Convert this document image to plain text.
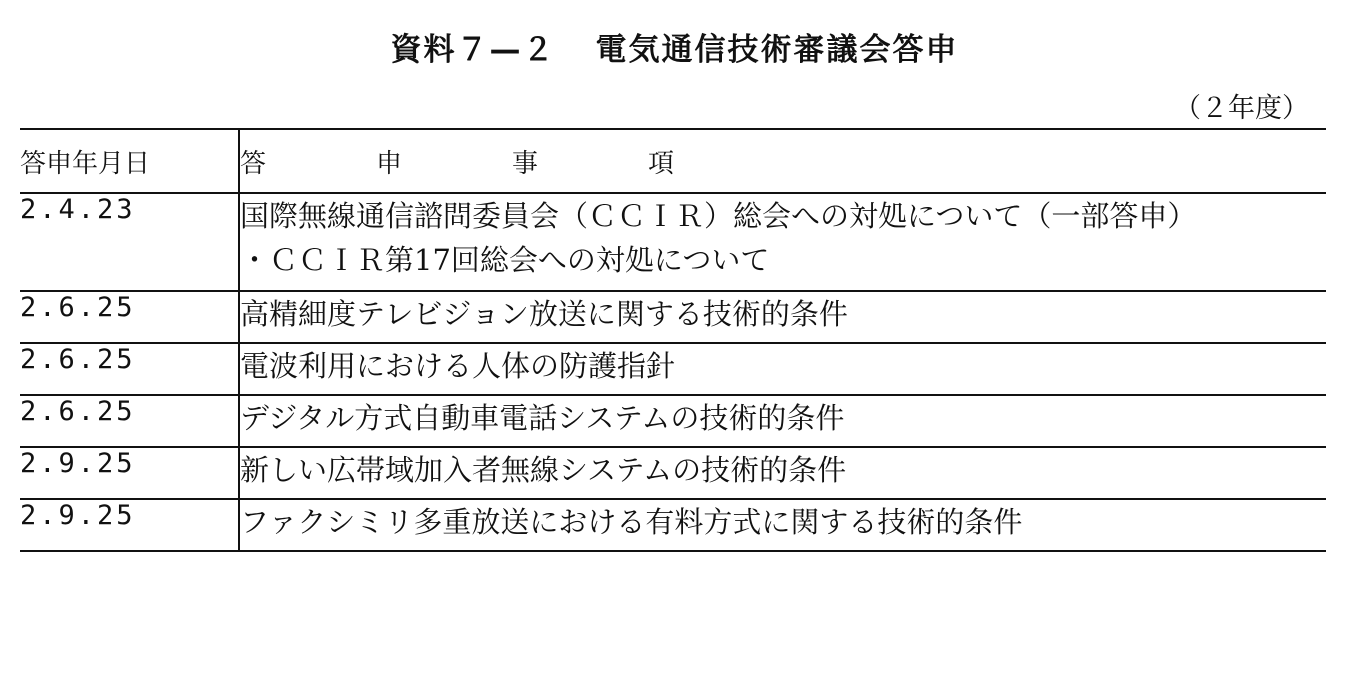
資料７—２ 電気通信技術審議会答申
（２年度）
答申年月日	答申事項
2.4.23	国際無線通信諮問委員会（ＣＣＩＲ）総会への対処について（一部答申）
・ＣＣＩＲ第17回総会への対処について

2.6.25	高精細度テレビジョン放送に関する技術的条件

2.6.25	電波利用における人体の防護指針

2.6.25	デジタル方式自動車電話システムの技術的条件

2.9.25	新しい広帯域加入者無線システムの技術的条件

2.9.25	ファクシミリ多重放送における有料方式に関する技術的条件
